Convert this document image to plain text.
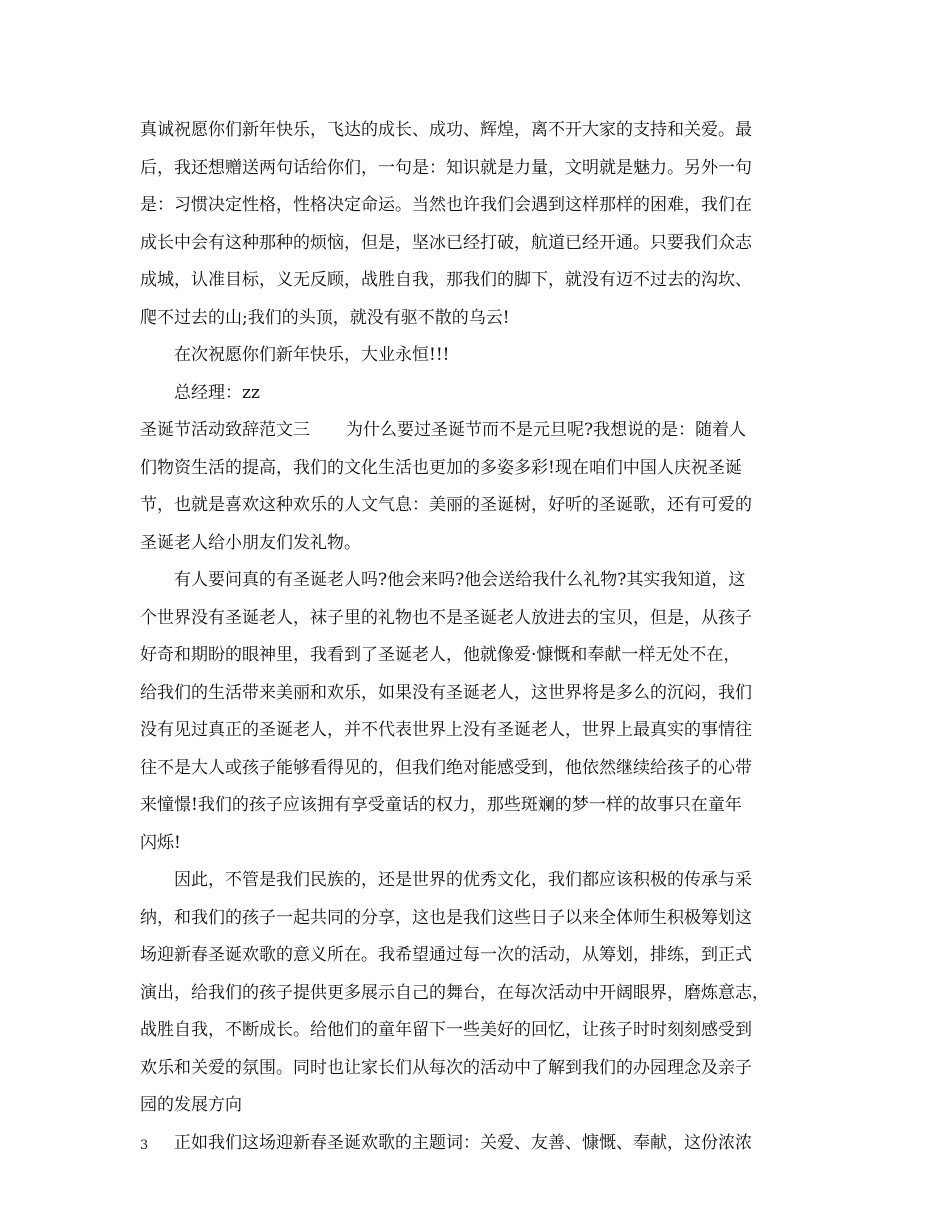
真诚祝愿你们新年快乐，飞达的成长、成功、辉煌，离不开大家的支持和关爱。最
后，我还想赠送两句话给你们，一句是：知识就是力量，文明就是魅力。另外一句
是：习惯决定性格，性格决定命运。当然也许我们会遇到这样那样的困难，我们在
成长中会有这种那种的烦恼，但是，坚冰已经打破，航道已经开通。只要我们众志
成城，认准目标，义无反顾，战胜自我，那我们的脚下，就没有迈不过去的沟坎、
爬不过去的山;我们的头顶，就没有驱不散的乌云!
在次祝愿你们新年快乐，大业永恒!!!
总经理：zz
圣诞节活动致辞范文三 为什么要过圣诞节而不是元旦呢?我想说的是：随着人
们物资生活的提高，我们的文化生活也更加的多姿多彩!现在咱们中国人庆祝圣诞
节，也就是喜欢这种欢乐的人文气息：美丽的圣诞树，好听的圣诞歌，还有可爱的
圣诞老人给小朋友们发礼物。
有人要问真的有圣诞老人吗?他会来吗?他会送给我什么礼物?其实我知道，这
个世界没有圣诞老人，袜子里的礼物也不是圣诞老人放进去的宝贝，但是，从孩子
好奇和期盼的眼神里，我看到了圣诞老人，他就像爱·慷慨和奉献一样无处不在，
给我们的生活带来美丽和欢乐，如果没有圣诞老人，这世界将是多么的沉闷，我们
没有见过真正的圣诞老人，并不代表世界上没有圣诞老人，世界上最真实的事情往
往不是大人或孩子能够看得见的，但我们绝对能感受到，他依然继续给孩子的心带
来憧憬!我们的孩子应该拥有享受童话的权力，那些斑斓的梦一样的故事只在童年
闪烁!
因此，不管是我们民族的，还是世界的优秀文化，我们都应该积极的传承与采
纳，和我们的孩子一起共同的分享，这也是我们这些日子以来全体师生积极筹划这
场迎新春圣诞欢歌的意义所在。我希望通过每一次的活动，从筹划，排练，到正式
演出，给我们的孩子提供更多展示自己的舞台，在每次活动中开阔眼界，磨炼意志，
战胜自我，不断成长。给他们的童年留下一些美好的回忆，让孩子时时刻刻感受到
欢乐和关爱的氛围。同时也让家长们从每次的活动中了解到我们的办园理念及亲子
园的发展方向
正如我们这场迎新春圣诞欢歌的主题词：关爱、友善、慷慨、奉献，这份浓浓
3
